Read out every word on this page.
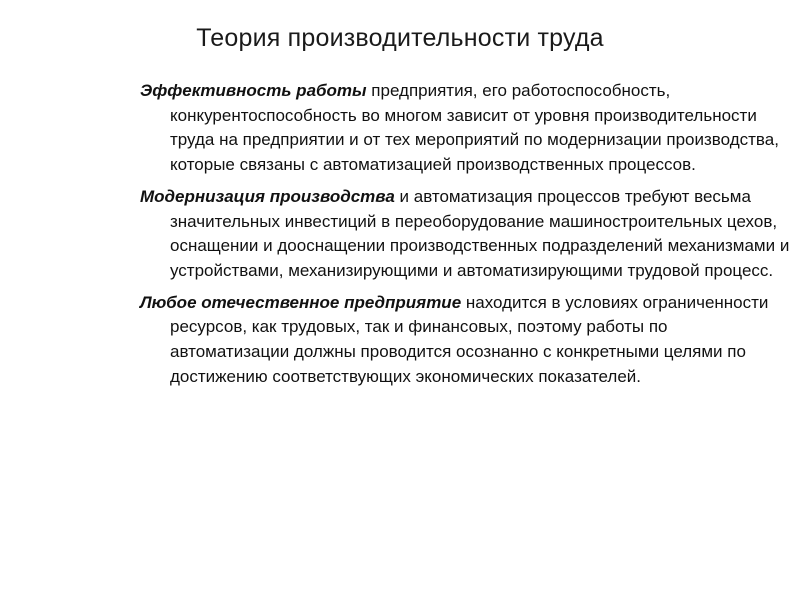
Теория производительности труда

Эффективность работы предприятия, его работоспособность, конкурентоспособность во многом зависит от уровня производительности труда на предприятии и от тех мероприятий по модернизации производства, которые связаны с автоматизацией производственных процессов.

Модернизация производства и автоматизация процессов требуют весьма значительных инвестиций в переоборудование машиностроительных цехов, оснащении и дооснащении производственных подразделений механизмами и устройствами, механизирующими и автоматизирующими трудовой процесс.

Любое отечественное предприятие находится в условиях ограниченности ресурсов, как трудовых, так и финансовых, поэтому работы по автоматизации должны проводится осознанно с конкретными целями по достижению соответствующих экономических показателей.
